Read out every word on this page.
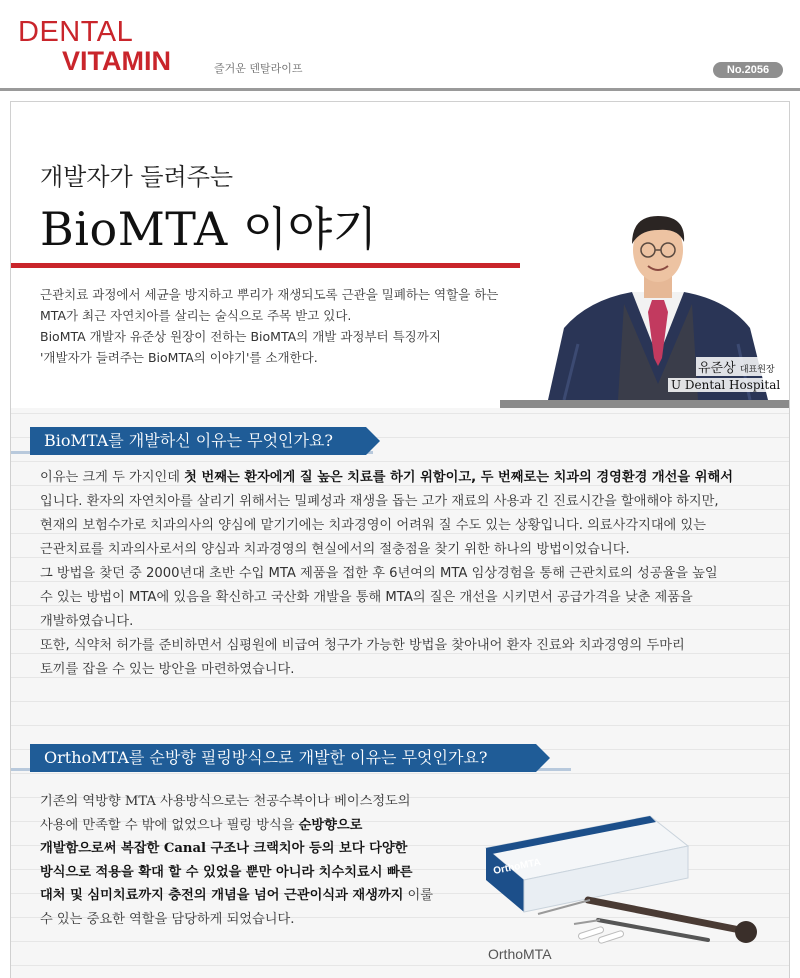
DENTAL
VITAMIN	즐거운 덴탈라이프	No.2056
개발자가 들려주는
BioMTA 이야기

근관치료 과정에서 세균을 방지하고 뿌리가 재생되도록 근관을 밀폐하는 역할을 하는

MTA가 최근 자연치아를 살리는 술식으로 주목 받고 있다.

BioMTA 개발자 유준상 원장이 전하는 BioMTA의 개발 과정부터 특징까지

'개발자가 들려주는 BioMTA의 이야기'를 소개한다.

유준상 대표원장
U Dental Hospital
BioMTA를 개발하신 이유는 무엇인가요?

이유는 크게 두 가지인데 첫 번째는 환자에게 질 높은 치료를 하기 위함이고, 두 번째로는 치과의 경영환경 개선을 위해서

입니다. 환자의 자연치아를 살리기 위해서는 밀폐성과 재생을 돕는 고가 재료의 사용과 긴 진료시간을 할애해야 하지만,

현재의 보험수가로 치과의사의 양심에 맡기기에는 치과경영이 어려워 질 수도 있는 상황입니다. 의료사각지대에 있는

근관치료를 치과의사로서의 양심과 치과경영의 현실에서의 절충점을 찾기 위한 하나의 방법이었습니다.

그 방법을 찾던 중 2000년대 초반 수입 MTA 제품을 접한 후 6년여의 MTA 임상경험을 통해 근관치료의 성공율을 높일

수 있는 방법이 MTA에 있음을 확신하고 국산화 개발을 통해 MTA의 질은 개선을 시키면서 공급가격을 낮춘 제품을

개발하였습니다.

또한, 식약처 허가를 준비하면서 심평원에 비급여 청구가 가능한 방법을 찾아내어 환자 진료와 치과경영의 두마리

토끼를 잡을 수 있는 방안을 마련하였습니다.

OrthoMTA를 순방향 필링방식으로 개발한 이유는 무엇인가요?

기존의 역방향 MTA 사용방식으로는 천공수복이나 베이스정도의

사용에 만족할 수 밖에 없었으나 필링 방식을 순방향으로

개발함으로써 복잡한 Canal 구조나 크랙치아 등의 보다 다양한

방식으로 적용을 확대 할 수 있었을 뿐만 아니라 치수치료시 빠른

대처 및 심미치료까지 충전의 개념을 넘어 근관이식과 재생까지 이룰

수 있는 중요한 역할을 담당하게 되었습니다.

OrthoMTA
OrthoMTA
